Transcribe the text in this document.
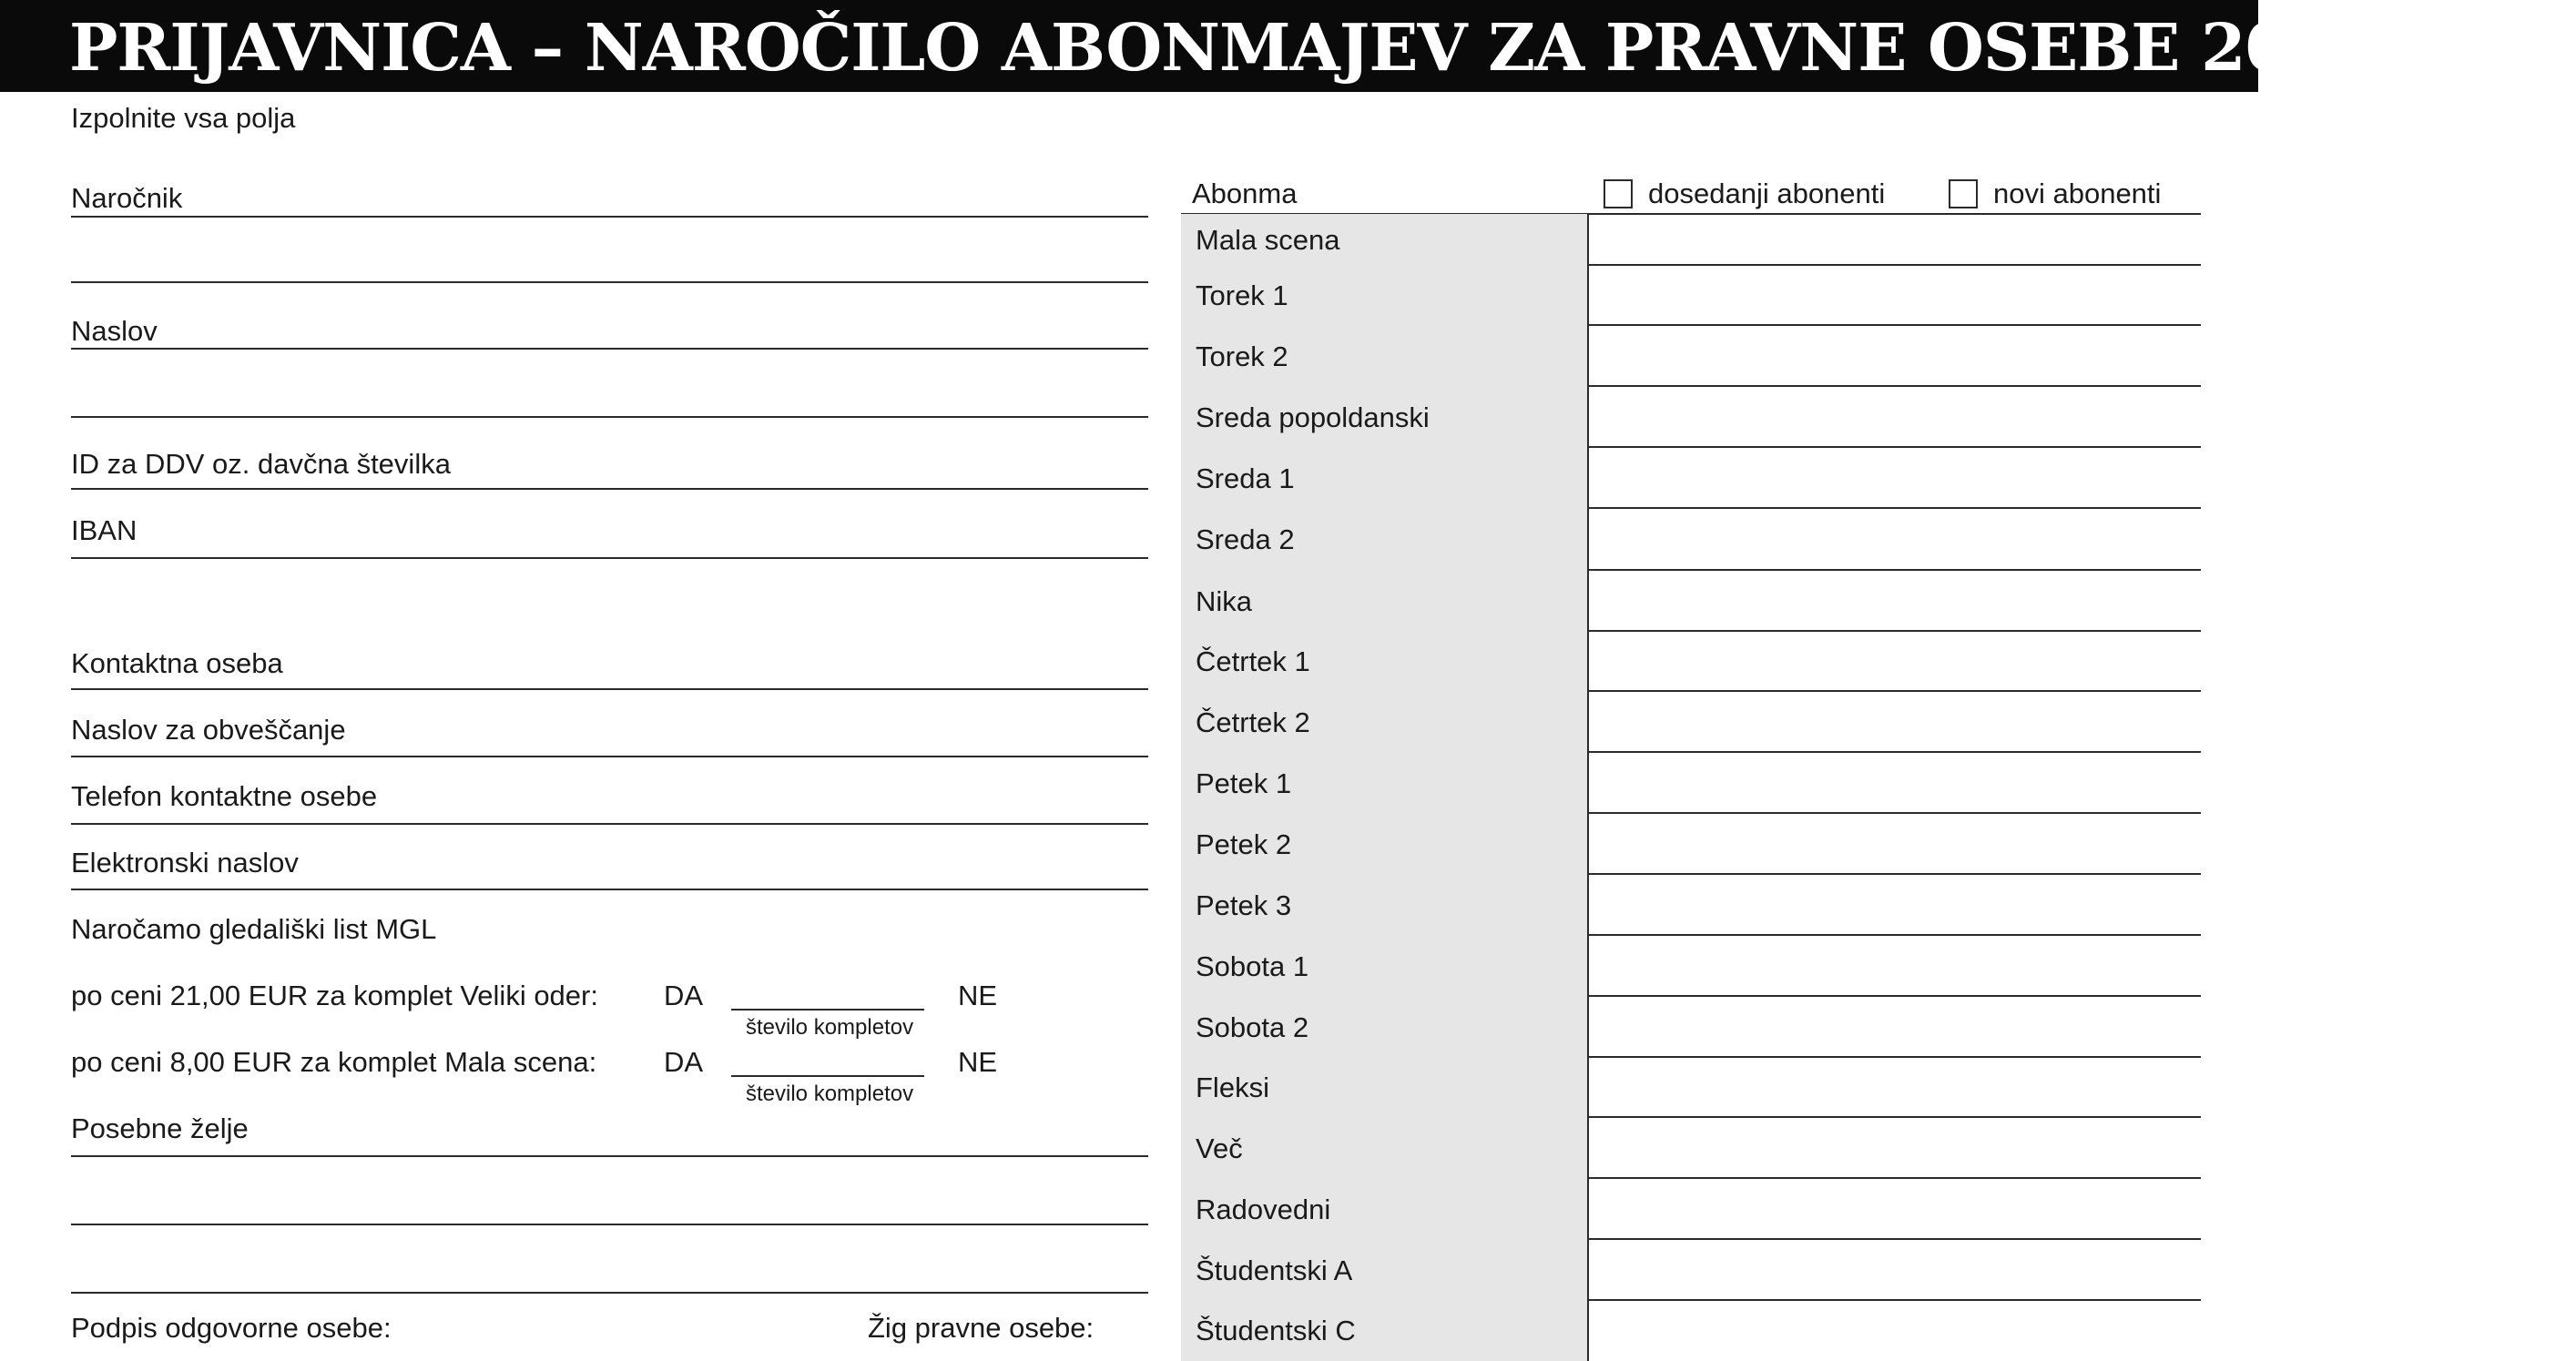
PRIJAVNICA – NAROČILO ABONMAJEV ZA PRAVNE OSEBE 2025/2026
Izpolnite vsa polja
Naročnik
Naslov
ID za DDV oz. davčna številka
IBAN
Kontaktna oseba
Naslov za obveščanje
Telefon kontaktne osebe
Elektronski naslov
Naročamo gledališki list MGL
po ceni 21,00 EUR za komplet Veliki oder: DA
število kompletov
NE
po ceni 8,00 EUR za komplet Mala scena: DA
število kompletov
NE
Posebne želje
Podpis odgovorne osebe:	Žig pravne osebe:
Abonma	dosedanji abonenti	novi abonenti
Mala scena
Torek 1
Torek 2
Sreda popoldanski
Sreda 1
Sreda 2
Nika
Četrtek 1
Četrtek 2
Petek 1
Petek 2
Petek 3
Sobota 1
Sobota 2
Fleksi
Več
Radovedni
Študentski A
Študentski C
